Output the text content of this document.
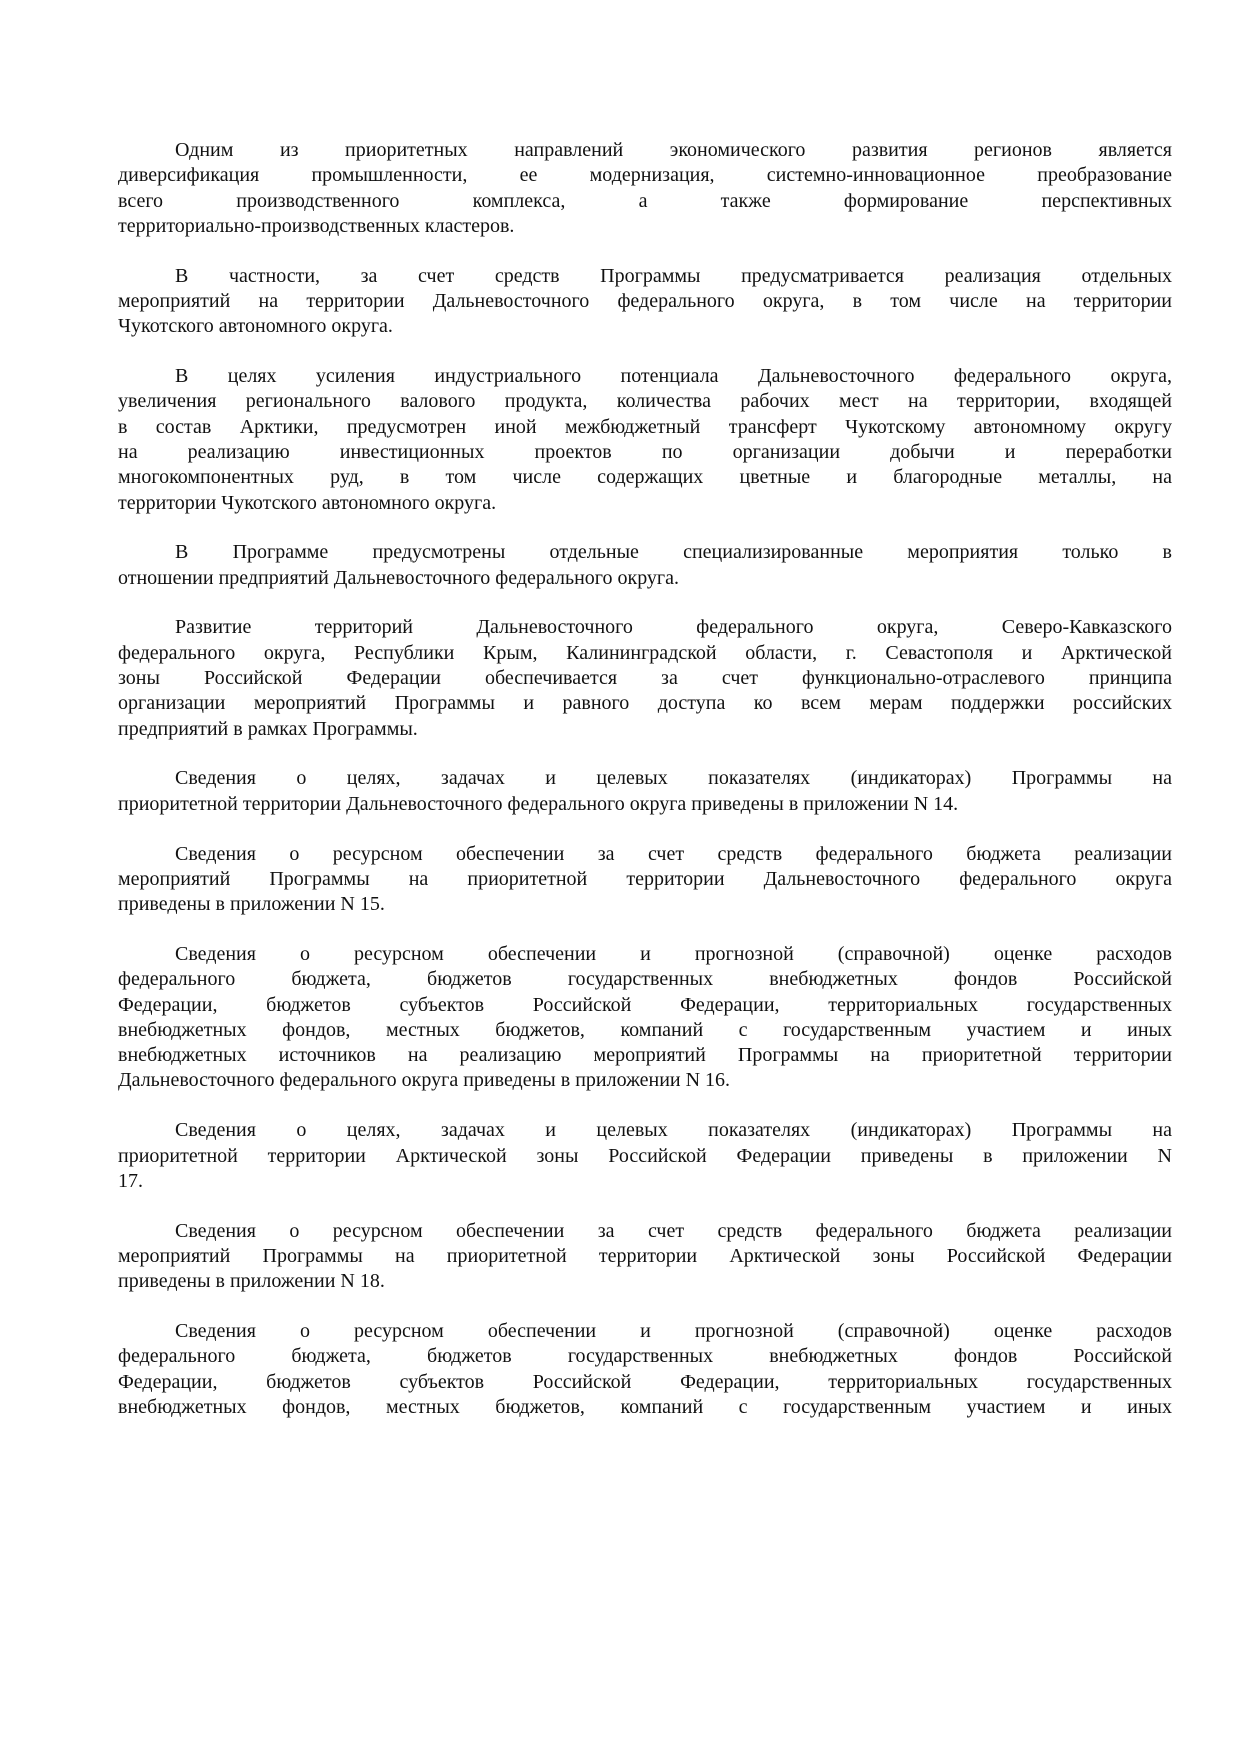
Одним из приоритетных направлений экономического развития регионов является
диверсификация промышленности, ее модернизация, системно-инновационное преобразование
всего производственного комплекса, а также формирование перспективных
территориально-производственных кластеров.
В частности, за счет средств Программы предусматривается реализация отдельных
мероприятий на территории Дальневосточного федерального округа, в том числе на территории
Чукотского автономного округа.
В целях усиления индустриального потенциала Дальневосточного федерального округа,
увеличения регионального валового продукта, количества рабочих мест на территории, входящей
в состав Арктики, предусмотрен иной межбюджетный трансферт Чукотскому автономному округу
на реализацию инвестиционных проектов по организации добычи и переработки
многокомпонентных руд, в том числе содержащих цветные и благородные металлы, на
территории Чукотского автономного округа.
В Программе предусмотрены отдельные специализированные мероприятия только в
отношении предприятий Дальневосточного федерального округа.
Развитие территорий Дальневосточного федерального округа, Северо-Кавказского
федерального округа, Республики Крым, Калининградской области, г. Севастополя и Арктической
зоны Российской Федерации обеспечивается за счет функционально-отраслевого принципа
организации мероприятий Программы и равного доступа ко всем мерам поддержки российских
предприятий в рамках Программы.
Сведения о целях, задачах и целевых показателях (индикаторах) Программы на
приоритетной территории Дальневосточного федерального округа приведены в приложении N 14.
Сведения о ресурсном обеспечении за счет средств федерального бюджета реализации
мероприятий Программы на приоритетной территории Дальневосточного федерального округа
приведены в приложении N 15.
Сведения о ресурсном обеспечении и прогнозной (справочной) оценке расходов
федерального бюджета, бюджетов государственных внебюджетных фондов Российской
Федерации, бюджетов субъектов Российской Федерации, территориальных государственных
внебюджетных фондов, местных бюджетов, компаний с государственным участием и иных
внебюджетных источников на реализацию мероприятий Программы на приоритетной территории
Дальневосточного федерального округа приведены в приложении N 16.
Сведения о целях, задачах и целевых показателях (индикаторах) Программы на
приоритетной территории Арктической зоны Российской Федерации приведены в приложении N
17.
Сведения о ресурсном обеспечении за счет средств федерального бюджета реализации
мероприятий Программы на приоритетной территории Арктической зоны Российской Федерации
приведены в приложении N 18.
Сведения о ресурсном обеспечении и прогнозной (справочной) оценке расходов
федерального бюджета, бюджетов государственных внебюджетных фондов Российской
Федерации, бюджетов субъектов Российской Федерации, территориальных государственных
внебюджетных фондов, местных бюджетов, компаний с государственным участием и иных
